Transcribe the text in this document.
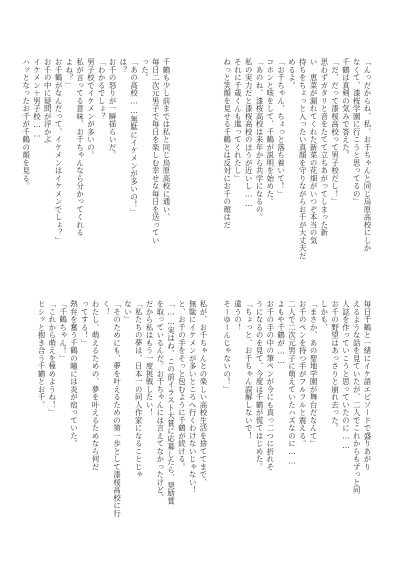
「んっだからね、私、お千ちゃんと同じ烏原高校にしか
なくて、漆桜学園に行こうと思ってるの」
千鶴は真剣の気みで答えた。
「だ、だって漆桜高校って男子校だし！」
思わずガタリと音をたてて立ちあがってしまった新
い　恵菜が漏れてくれた新菜の花畑がいつぞ本当の気
持ちをちょっと入ったい真顔を守りながらお千が大丈夫だ
めるよ。
「お千ちゃん、ちょっと落ち着いて！」
コホンと咳をして、千鶴が説明を始めた。
「あのね、漆桜高校は来年から共学になるの。
私の実力だと漆桜高校のほうが近いし……
それに千歳くんも進ってくれたし」
ねっと笑顔を見せる千鶴とは反対にお千の顔はだ
千鶴も少し前までは私と同じ烏原高校に通い、
毎日二次元男子で毎日を楽しむ幸せな毎日を送ってい
った。
「あの高校……無駄にイケメンが多いの！」
は？
お千の怒りが一瞬揺らいだ。
「わかるでしょ？
男子校でイケメンが多いの。
私が言ってる意味、お千ちゃんなら分かってくれる
よね？」
お千鶴がなんだって、イケメンはイケメンでしょ？」
お千の中に疑問が浮かぶ
イケメン＋男子校……
ハッとなったお千が千鶴の顔を見る。
毎日千鶴と一緒にイケ語エピソードで盛りあがり
えるような話を見ていたが、二人でこれからもずっと同
人誌を作っていこうと思っていたのに……
お千の野望はあっさりと崩れ去った。
しかも、
「まさか、あの聖地学園が舞台だなんて」
お千のペンを持つ手がフルフルと震える。
二人で二次元男子に萌えていたハズなのに……
よもや千鶴が……
お千の手の中の筆ペンが今にも真っ二つに折れそ
うになるのを見て、今度は千鶴が慌てはじめた。
「ちょっと、お千ちゃん誤解しないで！
違うの！
そーゆーんじゃないの！」
私が、お千ちゃんとの楽しい高校生活を捨ててまで、
無駄にイケメンが多いところへ行くわけないじゃない！
と、お千の手をそっと包むように千鶴が続ける。
「……実はね、この前イラスト大賞に応募したら、奨励賞
を取っているんだ。お千ちゃんには言えてなかったけど、
だから私はもう一度挑戦したい！
「私たちの夢は、日本一の同人作家になることじゃ
ない」
「そのためにも、夢を叶えるための第一歩として漆桜高校に行
く！
わたし、萌えるための、夢を叶えるためなら何だ
ってする！」
熱弁を奮う千鶴の瞳には炎が宿っていた。
「千鶴ちゃん！」
「これから萌えを極めようね！」
ヒシッと抱き合う千鶴とお千。
